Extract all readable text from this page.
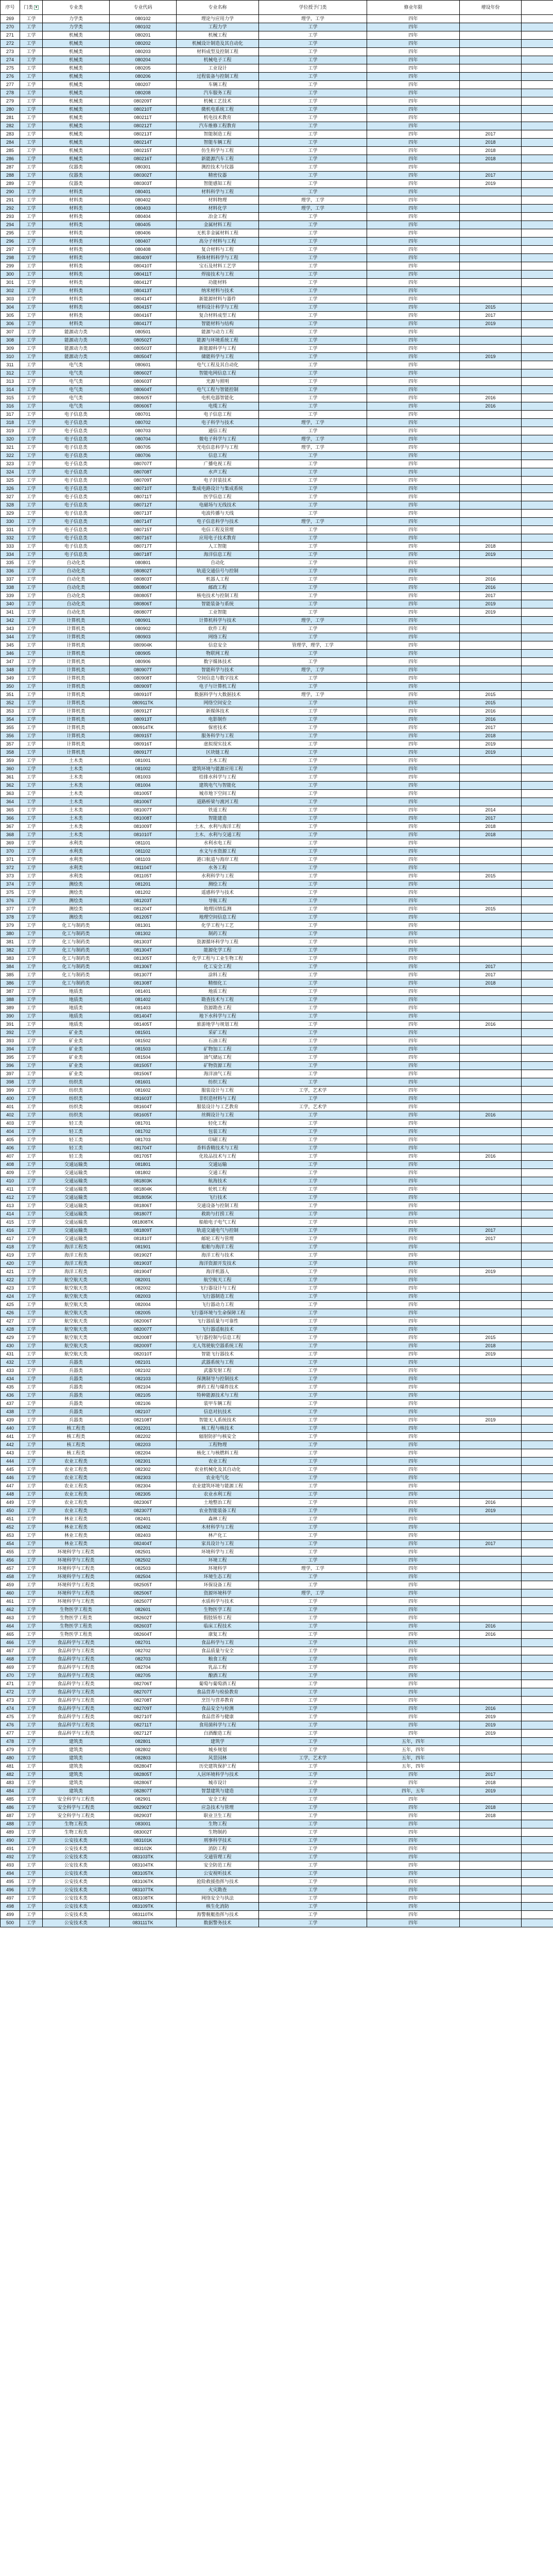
序号	门类 ▾	专业类	专业代码	专业名称	学位授予门类	修业年限	增设年份	
269	工学	力学类	080102	理论与应用力学	理学，工学	四年		
270	工学	力学类	080102	工程力学	工学	四年		
271	工学	机械类	080201	机械工程	工学	四年		
272	工学	机械类	080202	机械设计制造及其自动化	工学	四年		
273	工学	机械类	080203	材料成型及控制工程	工学	四年		
274	工学	机械类	080204	机械电子工程	工学	四年		
275	工学	机械类	080205	工业设计	工学	四年		
276	工学	机械类	080206	过程装备与控制工程	工学	四年		
277	工学	机械类	080207	车辆工程	工学	四年		
278	工学	机械类	080208	汽车服务工程	工学	四年		
279	工学	机械类	080209T	机械工艺技术	工学	四年		
280	工学	机械类	080210T	微机电系统工程	工学	四年		
281	工学	机械类	080211T	机电技术教育	工学	四年		
282	工学	机械类	080212T	汽车维修工程教育	工学	四年		
283	工学	机械类	080213T	智能制造工程	工学	四年	2017	
284	工学	机械类	080214T	智能车辆工程	工学	四年	2018	
285	工学	机械类	080215T	仿生科学与工程	工学	四年	2018	
286	工学	机械类	080216T	新能源汽车工程	工学	四年	2018	
287	工学	仪器类	080301	测控技术与仪器	工学	四年		
288	工学	仪器类	080302T	精密仪器	工学	四年	2017	
289	工学	仪器类	080303T	智能感知工程	工学	四年	2019	
290	工学	材料类	080401	材料科学与工程	工学	四年		
291	工学	材料类	080402	材料物理	理学，工学	四年		
292	工学	材料类	080403	材料化学	理学，工学	四年		
293	工学	材料类	080404	冶金工程	工学	四年		
294	工学	材料类	080405	金属材料工程	工学	四年		
295	工学	材料类	080406	无机非金属材料工程	工学	四年		
296	工学	材料类	080407	高分子材料与工程	工学	四年		
297	工学	材料类	080408	复合材料与工程	工学	四年		
298	工学	材料类	080409T	粉体材料科学与工程	工学	四年		
299	工学	材料类	080410T	宝石及材料工艺学	工学	四年		
300	工学	材料类	080411T	焊接技术与工程	工学	四年		
301	工学	材料类	080412T	功能材料	工学	四年		
302	工学	材料类	080413T	纳米材料与技术	工学	四年		
303	工学	材料类	080414T	新能源材料与器件	工学	四年		
304	工学	材料类	080415T	材料设计科学与工程	工学	四年	2015	
305	工学	材料类	080416T	复合材料成型工程	工学	四年	2017	
306	工学	材料类	080417T	智能材料与结构	工学	四年	2019	
307	工学	能源动力类	080501	能源与动力工程	工学	四年		
308	工学	能源动力类	080502T	能源与环境系统工程	工学	四年		
309	工学	能源动力类	080503T	新能源科学与工程	工学	四年		
310	工学	能源动力类	080504T	储能科学与工程	工学	四年	2019	
311	工学	电气类	080601	电气工程及其自动化	工学	四年		
312	工学	电气类	080602T	智能电网信息工程	工学	四年		
313	工学	电气类	080603T	光源与照明	工学	四年		
314	工学	电气类	080604T	电气工程与智能控制	工学	四年		
315	工学	电气类	080605T	电机电器智能化	工学	四年	2016	
316	工学	电气类	080606T	电缆工程	工学	四年	2016	
317	工学	电子信息类	080701	电子信息工程	工学	四年		
318	工学	电子信息类	080702	电子科学与技术	理学，工学	四年		
319	工学	电子信息类	080703	通信工程	工学	四年		
320	工学	电子信息类	080704	微电子科学与工程	理学，工学	四年		
321	工学	电子信息类	080705	光电信息科学与工程	理学，工学	四年		
322	工学	电子信息类	080706	信息工程	工学	四年		
323	工学	电子信息类	080707T	广播电视工程	工学	四年		
324	工学	电子信息类	080708T	水声工程	工学	四年		
325	工学	电子信息类	080709T	电子封装技术	工学	四年		
326	工学	电子信息类	080710T	集成电路设计与集成系统	工学	四年		
327	工学	电子信息类	080711T	医学信息工程	工学	四年		
328	工学	电子信息类	080712T	电磁场与无线技术	工学	四年		
329	工学	电子信息类	080713T	电波传播与天线	工学	四年		
330	工学	电子信息类	080714T	电子信息科学与技术	理学，工学	四年		
331	工学	电子信息类	080715T	电信工程及管理	工学	四年		
332	工学	电子信息类	080716T	应用电子技术教育	工学	四年		
333	工学	电子信息类	080717T	人工智能	工学	四年	2018	
334	工学	电子信息类	080718T	海洋信息工程	工学	四年	2019	
335	工学	自动化类	080801	自动化	工学	四年		
336	工学	自动化类	080802T	轨道交通信号与控制	工学	四年		
337	工学	自动化类	080803T	机器人工程	工学	四年	2016	
338	工学	自动化类	080804T	邮政工程	工学	四年	2016	
339	工学	自动化类	080805T	核电技术与控制工程	工学	四年	2017	
340	工学	自动化类	080806T	智能装备与系统	工学	四年	2019	
341	工学	自动化类	080807T	工业智能	工学	四年	2019	
342	工学	计算机类	080901	计算机科学与技术	理学，工学	四年		
343	工学	计算机类	080902	软件工程	工学	四年		
344	工学	计算机类	080903	网络工程	工学	四年		
345	工学	计算机类	080904K	信息安全	管理学，理学，工学	四年		
346	工学	计算机类	080905	物联网工程	工学	四年		
347	工学	计算机类	080906	数字媒体技术	工学	四年		
348	工学	计算机类	080907T	智能科学与技术	理学，工学	四年		
349	工学	计算机类	080908T	空间信息与数字技术	工学	四年		
350	工学	计算机类	080909T	电子与计算机工程	工学	四年		
351	工学	计算机类	080910T	数据科学与大数据技术	理学，工学	四年	2015	
352	工学	计算机类	080911TK	网络空间安全	工学	四年	2015	
353	工学	计算机类	080912T	新媒体技术	工学	四年	2016	
354	工学	计算机类	080913T	电影制作	工学	四年	2016	
355	工学	计算机类	080914TK	保密技术	工学	四年	2017	
356	工学	计算机类	080915T	服务科学与工程	工学	四年	2018	
357	工学	计算机类	080916T	虚拟现实技术	工学	四年	2019	
358	工学	计算机类	080917T	区块链工程	工学	四年	2019	
359	工学	土木类	081001	土木工程	工学	四年		
360	工学	土木类	081002	建筑环境与能源应用工程	工学	四年		
361	工学	土木类	081003	给排水科学与工程	工学	四年		
362	工学	土木类	081004	建筑电气与智能化	工学	四年		
363	工学	土木类	081005T	城市地下空间工程	工学	四年		
364	工学	土木类	081006T	道路桥梁与渡河工程	工学	四年		
365	工学	土木类	081007T	铁道工程	工学	四年	2014	
366	工学	土木类	081008T	智能建造	工学	四年	2017	
367	工学	土木类	081009T	土木、水利与海洋工程	工学	四年	2018	
368	工学	土木类	081010T	土木、水利与交通工程	工学	四年	2018	
369	工学	水利类	081101	水利水电工程	工学	四年		
370	工学	水利类	081102	水文与水资源工程	工学	四年		
371	工学	水利类	081103	港口航道与海岸工程	工学	四年		
372	工学	水利类	081104T	水务工程	工学	四年		
373	工学	水利类	081105T	水利科学与工程	工学	四年	2015	
374	工学	测绘类	081201	测绘工程	工学	四年		
375	工学	测绘类	081202	遥感科学与技术	工学	四年		
376	工学	测绘类	081203T	导航工程	工学	四年		
377	工学	测绘类	081204T	地理国情监测	工学	四年	2015	
378	工学	测绘类	081205T	地理空间信息工程	工学	四年		
379	工学	化工与制药类	081301	化学工程与工艺	工学	四年		
380	工学	化工与制药类	081302	制药工程	工学	四年		
381	工学	化工与制药类	081303T	资源循环科学与工程	工学	四年		
382	工学	化工与制药类	081304T	能源化学工程	工学	四年		
383	工学	化工与制药类	081305T	化学工程与工业生物工程	工学	四年		
384	工学	化工与制药类	081306T	化工安全工程	工学	四年	2017	
385	工学	化工与制药类	081307T	涂料工程	工学	四年	2017	
386	工学	化工与制药类	081308T	精细化工	工学	四年	2018	
387	工学	地质类	081401	地质工程	工学	四年		
388	工学	地质类	081402	勘查技术与工程	工学	四年		
389	工学	地质类	081403	资源勘查工程	工学	四年		
390	工学	地质类	081404T	地下水科学与工程	工学	四年		
391	工学	地质类	081405T	旅游地学与规划工程	工学	四年	2016	
392	工学	矿业类	081501	采矿工程	工学	四年		
393	工学	矿业类	081502	石油工程	工学	四年		
394	工学	矿业类	081503	矿物加工工程	工学	四年		
395	工学	矿业类	081504	油气储运工程	工学	四年		
396	工学	矿业类	081505T	矿物资源工程	工学	四年		
397	工学	矿业类	081506T	海洋油气工程	工学	四年		
398	工学	纺织类	081601	纺织工程	工学	四年		
399	工学	纺织类	081602	服装设计与工程	工学，艺术学	四年		
400	工学	纺织类	081603T	非织造材料与工程	工学	四年		
401	工学	纺织类	081604T	服装设计与工艺教育	工学，艺术学	四年		
402	工学	纺织类	081605T	丝绸设计与工程	工学	四年	2016	
403	工学	轻工类	081701	轻化工程	工学	四年		
404	工学	轻工类	081702	包装工程	工学	四年		
405	工学	轻工类	081703	印刷工程	工学	四年		
406	工学	轻工类	081704T	香料香精技术与工程	工学	四年		
407	工学	轻工类	081705T	化妆品技术与工程	工学	四年	2016	
408	工学	交通运输类	081801	交通运输	工学	四年		
409	工学	交通运输类	081802	交通工程	工学	四年		
410	工学	交通运输类	081803K	航海技术	工学	四年		
411	工学	交通运输类	081804K	轮机工程	工学	四年		
412	工学	交通运输类	081805K	飞行技术	工学	四年		
413	工学	交通运输类	081806T	交通设备与控制工程	工学	四年		
414	工学	交通运输类	081807T	救助与打捞工程	工学	四年		
415	工学	交通运输类	081808TK	船舶电子电气工程	工学	四年		
416	工学	交通运输类	081809T	轨道交通电气与控制	工学	四年	2017	
417	工学	交通运输类	081810T	邮轮工程与管理	工学	四年	2017	
418	工学	海洋工程类	081901	船舶与海洋工程	工学	四年		
419	工学	海洋工程类	081902T	海洋工程与技术	工学	四年		
420	工学	海洋工程类	081903T	海洋资源开发技术	工学	四年		
421	工学	海洋工程类	081904T	海洋机器人	工学	四年	2019	
422	工学	航空航天类	082001	航空航天工程	工学	四年		
423	工学	航空航天类	082002	飞行器设计与工程	工学	四年		
424	工学	航空航天类	082003	飞行器制造工程	工学	四年		
425	工学	航空航天类	082004	飞行器动力工程	工学	四年		
426	工学	航空航天类	082005	飞行器环境与生命保障工程	工学	四年		
427	工学	航空航天类	082006T	飞行器质量与可靠性	工学	四年		
428	工学	航空航天类	082007T	飞行器适航技术	工学	四年		
429	工学	航空航天类	082008T	飞行器控制与信息工程	工学	四年	2015	
430	工学	航空航天类	082009T	无人驾驶航空器系统工程	工学	四年	2018	
431	工学	航空航天类	082010T	智能飞行器技术	工学	四年	2019	
432	工学	兵器类	082101	武器系统与工程	工学	四年		
433	工学	兵器类	082102	武器发射工程	工学	四年		
434	工学	兵器类	082103	探测制导与控制技术	工学	四年		
435	工学	兵器类	082104	弹药工程与爆炸技术	工学	四年		
436	工学	兵器类	082105	特种能源技术与工程	工学	四年		
437	工学	兵器类	082106	装甲车辆工程	工学	四年		
438	工学	兵器类	082107	信息对抗技术	工学	四年		
439	工学	兵器类	082108T	智能无人系统技术	工学	四年	2019	
440	工学	核工程类	082201	核工程与核技术	工学	四年		
441	工学	核工程类	082202	辐射防护与核安全	工学	四年		
442	工学	核工程类	082203	工程物理	工学	四年		
443	工学	核工程类	082204	核化工与核燃料工程	工学	四年		
444	工学	农业工程类	082301	农业工程	工学	四年		
445	工学	农业工程类	082302	农业机械化及其自动化	工学	四年		
446	工学	农业工程类	082303	农业电气化	工学	四年		
447	工学	农业工程类	082304	农业建筑环境与能源工程	工学	四年		
448	工学	农业工程类	082305	农业水利工程	工学	四年		
449	工学	农业工程类	082306T	土地整治工程	工学	四年	2016	
450	工学	农业工程类	082307T	农业智能装备工程	工学	四年	2019	
451	工学	林业工程类	082401	森林工程	工学	四年		
452	工学	林业工程类	082402	木材科学与工程	工学	四年		
453	工学	林业工程类	082403	林产化工	工学	四年		
454	工学	林业工程类	082404T	家具设计与工程	工学	四年	2017	
455	工学	环境科学与工程类	082501	环境科学与工程	工学	四年		
456	工学	环境科学与工程类	082502	环境工程	工学	四年		
457	工学	环境科学与工程类	082503	环境科学	理学，工学	四年		
458	工学	环境科学与工程类	082504	环境生态工程	工学	四年		
459	工学	环境科学与工程类	082505T	环保设备工程	工学	四年		
460	工学	环境科学与工程类	082506T	资源环境科学	理学，工学	四年		
461	工学	环境科学与工程类	082507T	水质科学与技术	工学	四年		
462	工学	生物医学工程类	082601	生物医学工程	工学	四年		
463	工学	生物医学工程类	082602T	假肢矫形工程	工学	四年		
464	工学	生物医学工程类	082603T	临床工程技术	工学	四年	2016	
465	工学	生物医学工程类	082604T	康复工程	工学	四年	2016	
466	工学	食品科学与工程类	082701	食品科学与工程	工学	四年		
467	工学	食品科学与工程类	082702	食品质量与安全	工学	四年		
468	工学	食品科学与工程类	082703	粮食工程	工学	四年		
469	工学	食品科学与工程类	082704	乳品工程	工学	四年		
470	工学	食品科学与工程类	082705	酿酒工程	工学	四年		
471	工学	食品科学与工程类	082706T	葡萄与葡萄酒工程	工学	四年		
472	工学	食品科学与工程类	082707T	食品营养与检验教育	工学	四年		
473	工学	食品科学与工程类	082708T	烹饪与营养教育	工学	四年		
474	工学	食品科学与工程类	082709T	食品安全与检测	工学	四年	2016	
475	工学	食品科学与工程类	082710T	食品营养与健康	工学	四年	2019	
476	工学	食品科学与工程类	082711T	食用菌科学与工程	工学	四年	2019	
477	工学	食品科学与工程类	082712T	白酒酿造工程	工学	四年	2019	
478	工学	建筑类	082801	建筑学	工学	五年，四年		
479	工学	建筑类	082802	城乡规划	工学	五年，四年		
480	工学	建筑类	082803	风景园林	工学，艺术学	五年，四年		
481	工学	建筑类	082804T	历史建筑保护工程	工学	五年，四年		
482	工学	建筑类	082805T	人居环境科学与技术	工学	四年	2017	
483	工学	建筑类	082806T	城市设计	工学	四年	2018	
484	工学	建筑类	082807T	智慧建筑与建造	工学	四年，五年	2019	
485	工学	安全科学与工程类	082901	安全工程	工学	四年		
486	工学	安全科学与工程类	082902T	应急技术与管理	工学	四年	2018	
487	工学	安全科学与工程类	082903T	职业卫生工程	工学	四年	2018	
488	工学	生物工程类	083001	生物工程	工学	四年		
489	工学	生物工程类	083002T	生物制药	工学	四年		
490	工学	公安技术类	083101K	刑事科学技术	工学	四年		
491	工学	公安技术类	083102K	消防工程	工学	四年		
492	工学	公安技术类	083103TK	交通管理工程	工学	四年		
493	工学	公安技术类	083104TK	安全防范工程	工学	四年		
494	工学	公安技术类	083105TK	公安视听技术	工学	四年		
495	工学	公安技术类	083106TK	抢险救援指挥与技术	工学	四年		
496	工学	公安技术类	083107TK	火灾勘查	工学	四年		
497	工学	公安技术类	083108TK	网络安全与执法	工学	四年		
498	工学	公安技术类	083109TK	核生化消防	工学	四年		
499	工学	公安技术类	083110TK	海警舰艇指挥与技术	工学	四年		
500	工学	公安技术类	083111TK	数据警务技术	工学	四年		
